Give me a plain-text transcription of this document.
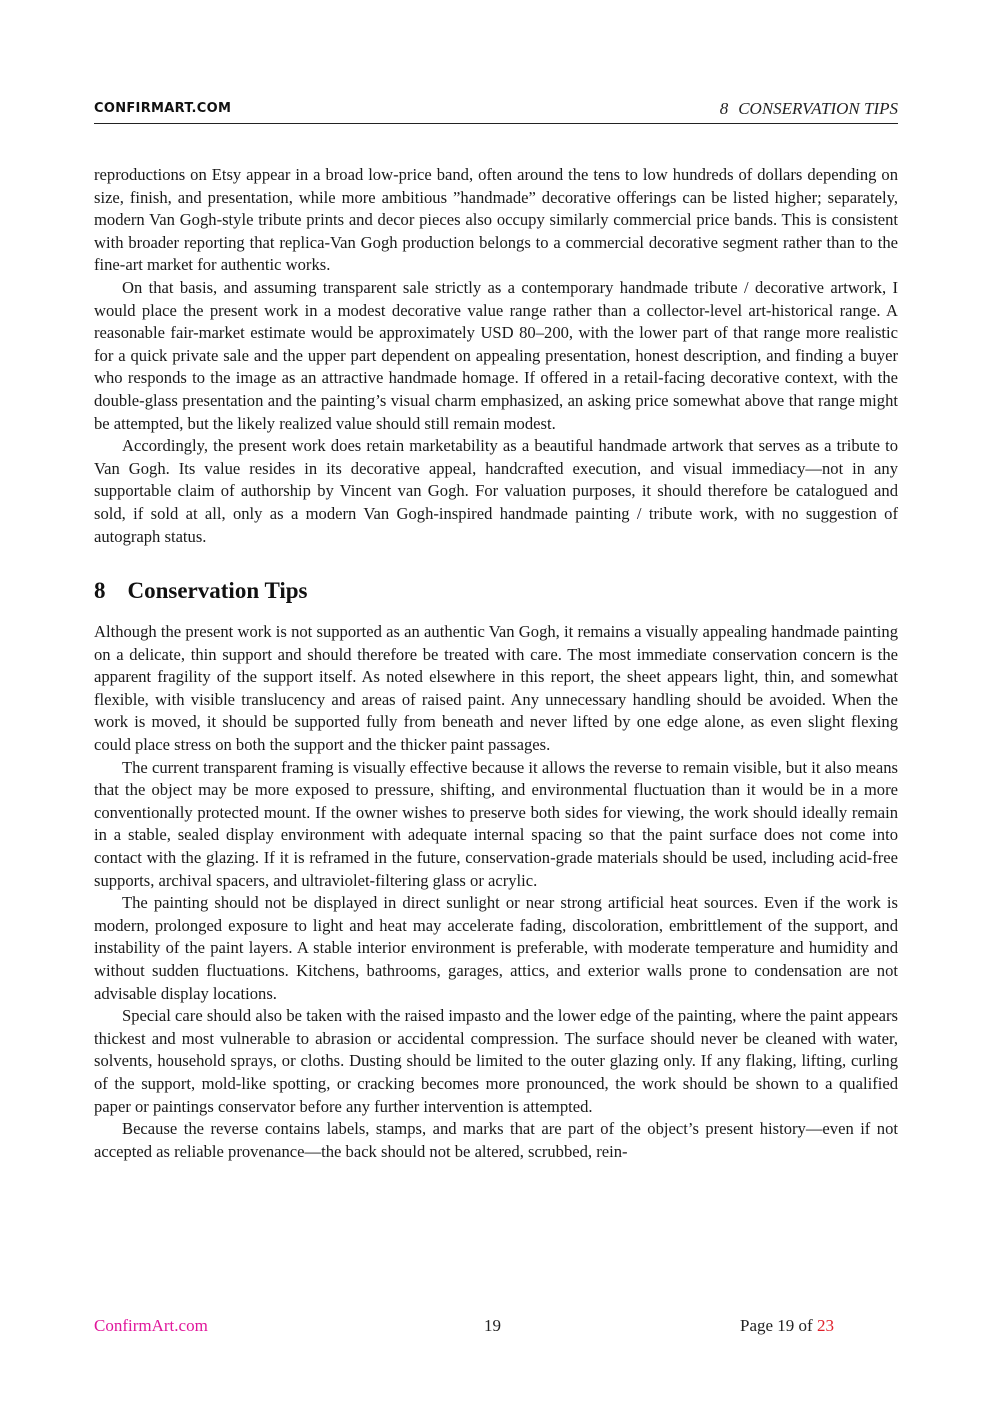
CONFIRMART.COM	8 CONSERVATION TIPS

reproductions on Etsy appear in a broad low-price band, often around the tens to low hundreds of dollars depending on size, finish, and presentation, while more ambitious ”handmade” decorative offerings can be listed higher; separately, modern Van Gogh-style tribute prints and decor pieces also occupy similarly commercial price bands. This is consistent with broader reporting that replica-Van Gogh production belongs to a commercial decorative segment rather than to the fine-art market for authentic works.

On that basis, and assuming transparent sale strictly as a contemporary handmade tribute / decorative artwork, I would place the present work in a modest decorative value range rather than a collector-level art-historical range. A reasonable fair-market estimate would be approximately USD 80–200, with the lower part of that range more realistic for a quick private sale and the upper part dependent on appealing presentation, honest description, and finding a buyer who responds to the image as an attractive handmade homage. If offered in a retail-facing decorative context, with the double-glass presentation and the painting’s visual charm emphasized, an asking price somewhat above that range might be attempted, but the likely realized value should still remain modest.

Accordingly, the present work does retain marketability as a beautiful handmade artwork that serves as a tribute to Van Gogh. Its value resides in its decorative appeal, handcrafted execution, and visual immediacy—not in any supportable claim of authorship by Vincent van Gogh. For valuation purposes, it should therefore be catalogued and sold, if sold at all, only as a modern Van Gogh-inspired handmade painting / tribute work, with no suggestion of autograph status.

8 Conservation Tips

Although the present work is not supported as an authentic Van Gogh, it remains a visually appealing handmade painting on a delicate, thin support and should therefore be treated with care. The most immediate conservation concern is the apparent fragility of the support itself. As noted elsewhere in this report, the sheet appears light, thin, and somewhat flexible, with visible translucency and areas of raised paint. Any unnecessary handling should be avoided. When the work is moved, it should be supported fully from beneath and never lifted by one edge alone, as even slight flexing could place stress on both the support and the thicker paint passages.

The current transparent framing is visually effective because it allows the reverse to remain visible, but it also means that the object may be more exposed to pressure, shifting, and environmental fluctuation than it would be in a more conventionally protected mount. If the owner wishes to preserve both sides for viewing, the work should ideally remain in a stable, sealed display environment with adequate internal spacing so that the paint surface does not come into contact with the glazing. If it is reframed in the future, conservation-grade materials should be used, including acid-free supports, archival spacers, and ultraviolet-filtering glass or acrylic.

The painting should not be displayed in direct sunlight or near strong artificial heat sources. Even if the work is modern, prolonged exposure to light and heat may accelerate fading, discoloration, embrittlement of the support, and instability of the paint layers. A stable interior environment is preferable, with moderate temperature and humidity and without sudden fluctuations. Kitchens, bathrooms, garages, attics, and exterior walls prone to condensation are not advisable display locations.

Special care should also be taken with the raised impasto and the lower edge of the painting, where the paint appears thickest and most vulnerable to abrasion or accidental compression. The surface should never be cleaned with water, solvents, household sprays, or cloths. Dusting should be limited to the outer glazing only. If any flaking, lifting, curling of the support, mold-like spotting, or cracking becomes more pronounced, the work should be shown to a qualified paper or paintings conservator before any further intervention is attempted.

Because the reverse contains labels, stamps, and marks that are part of the object’s present history—even if not accepted as reliable provenance—the back should not be altered, scrubbed, rein-

ConfirmArt.com	19	Page 19 of 23
